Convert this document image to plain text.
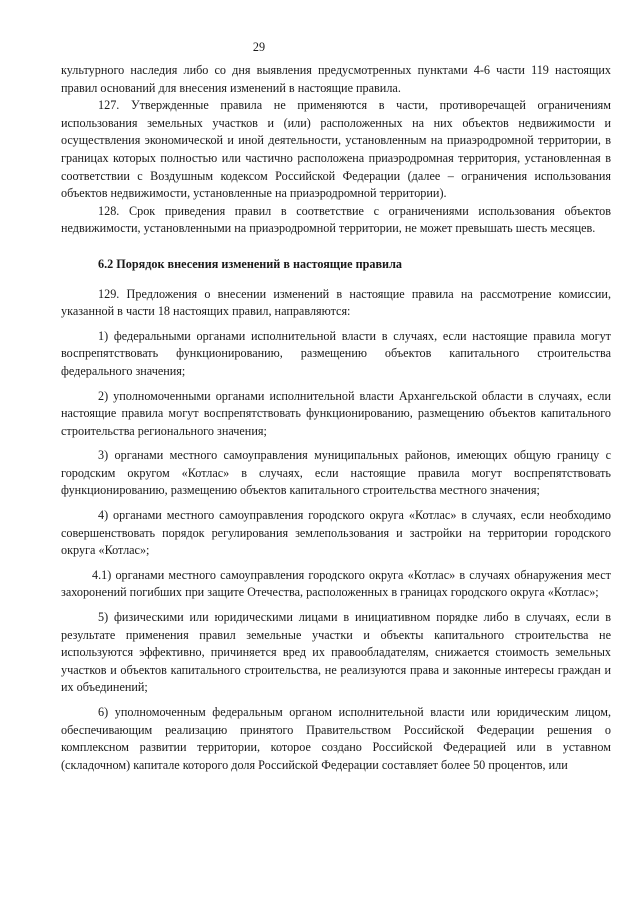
29

культурного наследия либо со дня выявления предусмотренных пунктами 4-6 части 119 настоящих правил оснований для внесения изменений в настоящие правила.

127. Утвержденные правила не применяются в части, противоречащей ограничениям использования земельных участков и (или) расположенных на них объектов недвижимости и осуществления экономической и иной деятельности, установленным на приаэродромной территории, в границах которых полностью или частично расположена приаэродромная территория, установленная в соответствии с Воздушным кодексом Российской Федерации (далее – ограничения использования объектов недвижимости, установленные на приаэродромной территории).

128. Срок приведения правил в соответствие с ограничениями использования объектов недвижимости, установленными на приаэродромной территории, не может превышать шесть месяцев.

6.2 Порядок внесения изменений в настоящие правила

129. Предложения о внесении изменений в настоящие правила на рассмотрение комиссии, указанной в части 18 настоящих правил, направляются:

1) федеральными органами исполнительной власти в случаях, если настоящие правила могут воспрепятствовать функционированию, размещению объектов капитального строительства федерального значения;

2) уполномоченными органами исполнительной власти Архангельской области в случаях, если настоящие правила могут воспрепятствовать функционированию, размещению объектов капитального строительства регионального значения;

3) органами местного самоуправления муниципальных районов, имеющих общую границу с городским округом «Котлас» в случаях, если настоящие правила могут воспрепятствовать функционированию, размещению объектов капитального строительства местного значения;

4) органами местного самоуправления городского округа «Котлас» в случаях, если необходимо совершенствовать порядок регулирования землепользования и застройки на территории городского округа «Котлас»;

4.1) органами местного самоуправления городского округа «Котлас» в случаях обнаружения мест захоронений погибших при защите Отечества, расположенных в границах городского округа «Котлас»;

5) физическими или юридическими лицами в инициативном порядке либо в случаях, если в результате применения правил земельные участки и объекты капитального строительства не используются эффективно, причиняется вред их правообладателям, снижается стоимость земельных участков и объектов капитального строительства, не реализуются права и законные интересы граждан и их объединений;

6) уполномоченным федеральным органом исполнительной власти или юридическим лицом, обеспечивающим реализацию принятого Правительством Российской Федерации решения о комплексном развитии территории, которое создано Российской Федерацией или в уставном (складочном) капитале которого доля Российской Федерации составляет более 50 процентов, или
